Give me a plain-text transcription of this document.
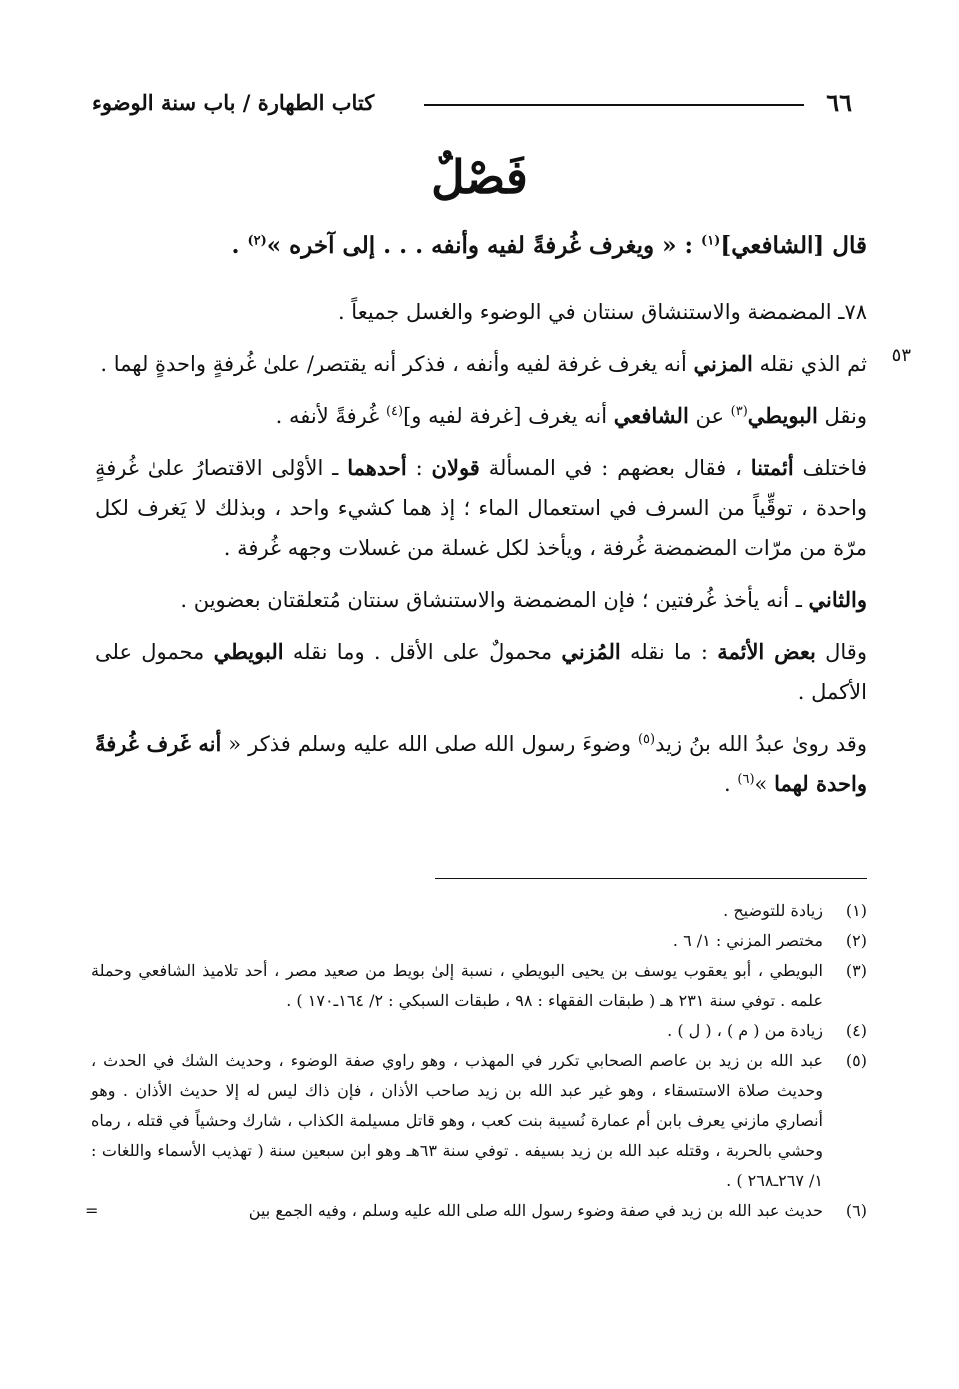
٦٦
كتاب الطهارة / باب سنة الوضوء
فَصْلٌ
٥٣

قال [الشافعي]$^{(١)}$ : « ويغرف غُرفةً لفيه وأنفه . . . إلى آخره »$^{(٢)}$ .

٧٨ـ المضمضة والاستنشاق سنتان في الوضوء والغسل جميعاً .

ثم الذي نقله المزني أنه يغرف غرفة لفيه وأنفه ، فذكر أنه يقتصر/ علىٰ غُرفةٍ واحدةٍ لهما .

ونقل البويطي$^{(٣)}$ عن الشافعي أنه يغرف [غرفة لفيه و]$^{(٤)}$ غُرفةً لأنفه .

فاختلف أئمتنا ، فقال بعضهم : في المسألة قولان : أحدهما ـ الأوْلى الاقتصارُ علىٰ غُرفةٍ واحدة ، توقِّياً من السرف في استعمال الماء ؛ إذ هما كشيء واحد ، وبذلك لا يَغرف لكل مرّة من مرّات المضمضة غُرفة ، ويأخذ لكل غسلة من غسلات وجهه غُرفة .

والثاني ـ أنه يأخذ غُرفتين ؛ فإن المضمضة والاستنشاق سنتان مُتعلقتان بعضوين .

وقال بعض الأئمة : ما نقله المُزني محمولٌ على الأقل . وما نقله البويطي محمول على الأكمل .

وقد روىٰ عبدُ الله بنُ زيد$^{(٥)}$ وضوءَ رسول الله صلى الله عليه وسلم فذكر « أنه غَرف غُرفةً واحدة لهما »$^{(٦)}$ .

(١)
زيادة للتوضيح .
(٢)
مختصر المزني : ١/ ٦ .
(٣)
البويطي ، أبو يعقوب يوسف بن يحيى البويطي ، نسبة إلىٰ بويط من صعيد مصر ، أحد تلاميذ الشافعي وحملة علمه . توفي سنة ٢٣١ هـ ( طبقات الفقهاء : ٩٨ ، طبقات السبكي : ٢/ ١٦٤ـ١٧٠ ) .
(٤)
زيادة من ( م ) ، ( ل ) .
(٥)
عبد الله بن زيد بن عاصم الصحابي تكرر في المهذب ، وهو راوي صفة الوضوء ، وحديث الشك في الحدث ، وحديث صلاة الاستسقاء ، وهو غير عبد الله بن زيد صاحب الأذان ، فإن ذاك ليس له إلا حديث الأذان . وهو أنصاري مازني يعرف بابن أم عمارة نُسيبة بنت كعب ، وهو قاتل مسيلمة الكذاب ، شارك وحشياً في قتله ، رماه وحشي بالحربة ، وقتله عبد الله بن زيد بسيفه . توفي سنة ٦٣هـ وهو ابن سبعين سنة ( تهذيب الأسماء واللغات : ١/ ٢٦٧ـ٢٦٨ ) .
(٦)
حديث عبد الله بن زيد في صفة وضوء رسول الله صلى الله عليه وسلم ، وفيه الجمع بين
=
